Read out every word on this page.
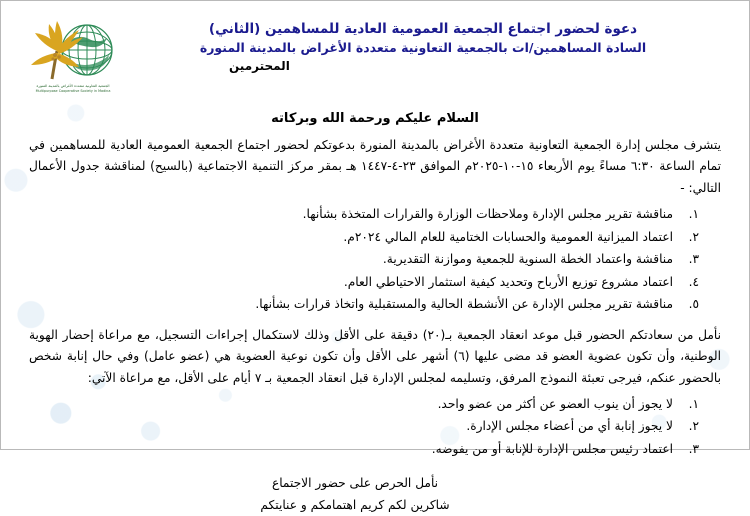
دعوة لحضور اجتماع الجمعية العمومية العادية للمساهمين (الثاني)
السادة المساهمين/ات بالجمعية التعاونية متعددة الأغراض بالمدينة المنورة
المحترمين
الجمعية التعاونية متعددة الأغراض بالمدينة المنورة
Multipurpose Cooperative Society in Madina
السلام عليكم ورحمة الله وبركاته
يتشرف مجلس إدارة الجمعية التعاونية متعددة الأغراض بالمدينة المنورة بدعوتكم لحضور اجتماع الجمعية العمومية العادية للمساهمين في تمام الساعة ٦:٣٠ مساءً يوم الأربعاء ١٥-١٠-٢٠٢٥م الموافق ٢٣-٤-١٤٤٧ هـ بمقر مركز التنمية الاجتماعية (بالسيح) لمناقشة جدول الأعمال التالي: -
مناقشة تقرير مجلس الإدارة وملاحظات الوزارة والقرارات المتخذة بشأنها.
اعتماد الميزانية العمومية والحسابات الختامية للعام المالي ٢٠٢٤م.
مناقشة واعتماد الخطة السنوية للجمعية وموازنة التقديرية.
اعتماد مشروع توزيع الأرباح وتحديد كيفية استثمار الاحتياطي العام.
مناقشة تقرير مجلس الإدارة عن الأنشطة الحالية والمستقبلية واتخاذ قرارات بشأنها.
نأمل من سعادتكم الحضور قبل موعد انعقاد الجمعية بـ(٢٠) دقيقة على الأقل وذلك لاستكمال إجراءات التسجيل، مع مراعاة إحضار الهوية الوطنية، وأن تكون عضوية العضو قد مضى عليها (٦) أشهر على الأقل وأن تكون نوعية العضوية هي (عضو عامل) وفي حال إنابة شخص بالحضور عنكم، فيرجى تعبئة النموذج المرفق، وتسليمه لمجلس الإدارة قبل انعقاد الجمعية بـ ٧ أيام على الأقل، مع مراعاة الآتي:
لا يجوز أن ينوب العضو عن أكثر من عضو واحد.
لا يجوز إنابة أي من أعضاء مجلس الإدارة.
اعتماد رئيس مجلس الإدارة للإنابة أو من يفوضه.
نأمل الحرص على حضور الاجتماع
شاكرين لكم كريم اهتمامكم و عنايتكم
